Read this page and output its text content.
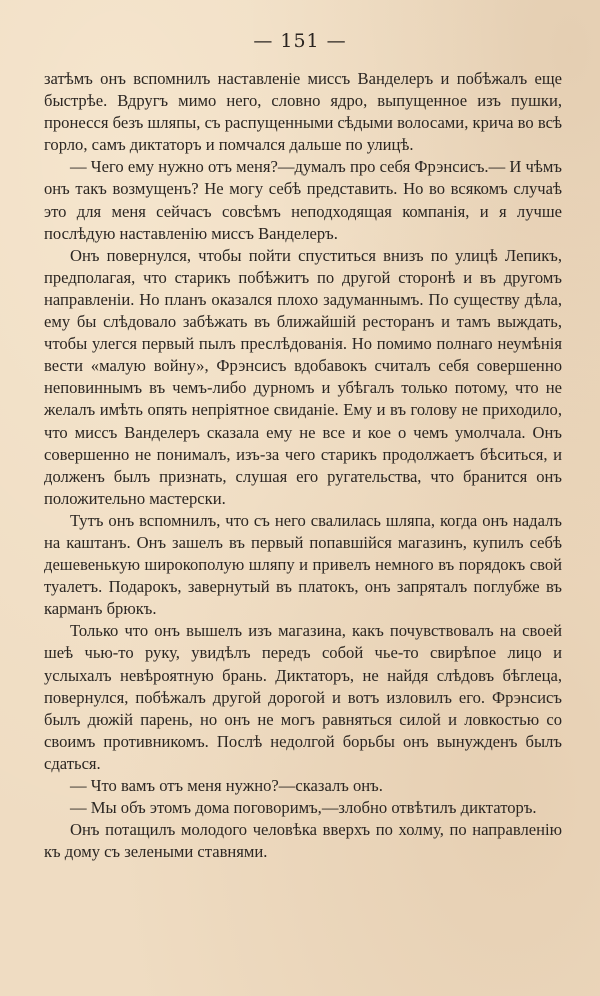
— 151 —

затѣмъ онъ вспомнилъ наставленіе миссъ Ванделеръ и побѣжалъ еще быстрѣе. Вдругъ мимо него, словно ядро, выпущенное изъ пушки, пронесся безъ шляпы, съ распущенными сѣдыми волосами, крича во всѣ горло, самъ диктаторъ и помчался дальше по улицѣ.

— Чего ему нужно отъ меня?—думалъ про себя Фрэнсисъ.— И чѣмъ онъ такъ возмущенъ? Не могу себѣ представить. Но во всякомъ случаѣ это для меня сейчасъ совсѣмъ неподходящая компанія, и я лучше послѣдую наставленію миссъ Ванделеръ.

Онъ повернулся, чтобы пойти спуститься внизъ по улицѣ Лепикъ, предполагая, что старикъ побѣжитъ по другой сторонѣ и въ другомъ направленіи. Но планъ оказался плохо задуманнымъ. По существу дѣла, ему бы слѣдовало забѣжать въ ближайшій ресторанъ и тамъ выждать, чтобы улегся первый пылъ преслѣдованія. Но помимо полнаго неумѣнія вести «малую войну», Фрэнсисъ вдобавокъ считалъ себя совершенно неповиннымъ въ чемъ-либо дурномъ и убѣгалъ только потому, что не желалъ имѣть опять непріятное свиданіе. Ему и въ голову не приходило, что миссъ Ванделеръ сказала ему не все и кое о чемъ умолчала. Онъ совершенно не понималъ, изъ-за чего старикъ продолжаетъ бѣситься, и долженъ былъ признать, слушая его ругательства, что бранится онъ положительно мастерски.

Тутъ онъ вспомнилъ, что съ него свалилась шляпа, когда онъ надалъ на каштанъ. Онъ зашелъ въ первый попавшійся магазинъ, купилъ себѣ дешевенькую широкополую шляпу и привелъ немного въ порядокъ свой туалетъ. Подарокъ, завернутый въ платокъ, онъ запряталъ поглубже въ карманъ брюкъ.

Только что онъ вышелъ изъ магазина, какъ почувствовалъ на своей шеѣ чью-то руку, увидѣлъ передъ собой чье-то свирѣпое лицо и услыхалъ невѣроятную брань. Диктаторъ, не найдя слѣдовъ бѣглеца, повернулся, побѣжалъ другой дорогой и вотъ изловилъ его. Фрэнсисъ былъ дюжій парень, но онъ не могъ равняться силой и ловкостью со своимъ противникомъ. Послѣ недолгой борьбы онъ вынужденъ былъ сдаться.

— Что вамъ отъ меня нужно?—сказалъ онъ.

— Мы объ этомъ дома поговоримъ,—злобно отвѣтилъ диктаторъ.

Онъ потащилъ молодого человѣка вверхъ по холму, по направленію къ дому съ зелеными ставнями.
